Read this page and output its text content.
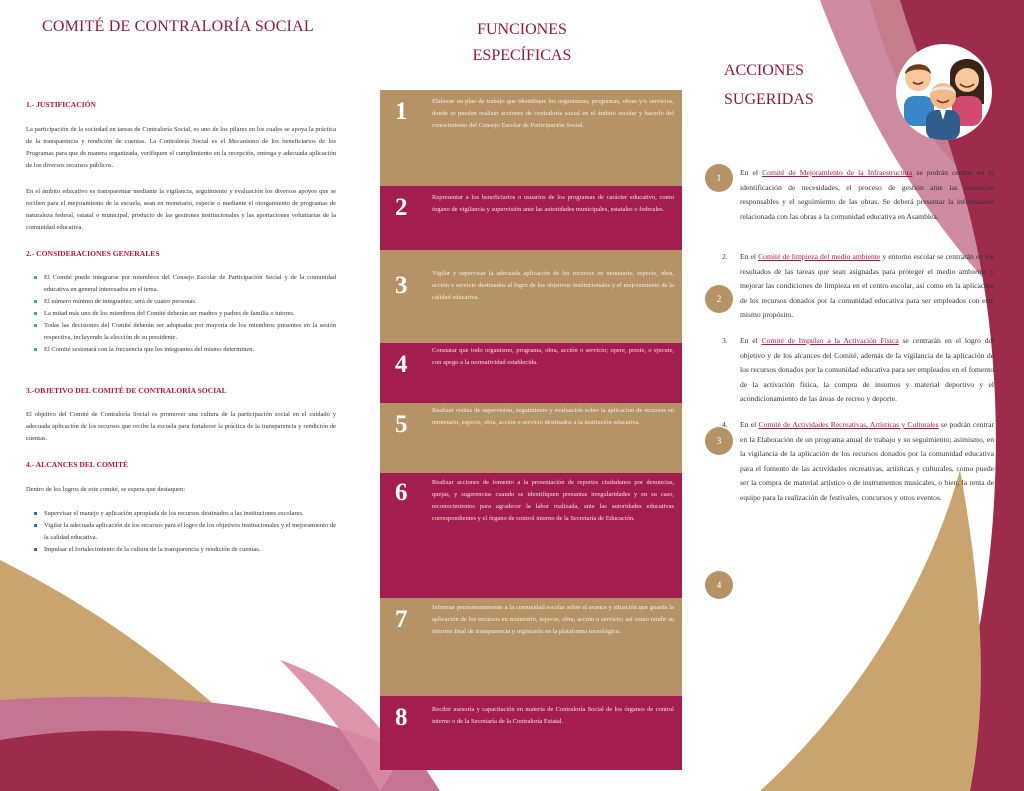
COMITÉ DE CONTRALORÍA SOCIAL
1.- JUSTIFICACIÓN

La participación de la sociedad en tareas de Contraloría Social, es uno de los pilares en los cuales se apoya la práctica de la transparencia y rendición de cuentas. La Contraloría Social es el Mecanismo de los beneficiarios de los Programas para que de manera organizada, verifiquen el cumplimiento en la recepción, entrega y adecuada aplicación de los diversos recursos públicos.

En el ámbito educativo es transparentar mediante la vigilancia, seguimiento y evaluación los diversos apoyos que se reciben para el mejoramiento de la escuela, sean en monetario, especie o mediante el otorgamiento de programas de naturaleza federal, estatal o municipal, producto de las gestiones institucionales y las aportaciones voluntarias de la comunidad educativa.

2.- CONSIDERACIONES GENERALES
El Comité puede integrarse por miembros del Consejo Escolar de Participación Social y de la comunidad educativa en general interesados en el tema.
El número mínimo de integrantes; será de cuatro personas.
La mitad más uno de los miembros del Comité deberán ser madres y padres de familia o tutores.
Todas las decisiones del Comité deberán ser adoptadas por mayoría de los miembros presentes en la sesión respectiva, incluyendo la elección de su presidente.
El Comité sesionará con la frecuencia que los integrantes del mismo determinen.
3.-OBJETIVO DEL COMITÉ DE CONTRALORÍA SOCIAL

El objetivo del Comité de Contraloría Social es promover una cultura de la participación social en el cuidado y adecuada aplicación de los recursos que recibe la escuela para fortalecer la práctica de la transparencia y rendición de cuentas.

4.- ALCANCES DEL COMITÉ

Dentro de los logros de este comité, se espera que destaquen:

Supervisar el manejo y aplicación apropiada de los recursos destinados a las instituciones escolares.
Vigilar la adecuada aplicación de los recursos para el logro de los objetivos institucionales y el mejoramiento de la calidad educativa.
Impulsar el fortalecimiento de la cultura de la transparencia y rendición de cuentas.
FUNCIONES
ESPECÍFICAS
1	Elaborar un plan de trabajo que identifique los organismos, programas, obras y/o servicios, donde se puedan realizar acciones de contraloría social en el ámbito escolar y hacerlo del conocimiento del Consejo Escolar de Participación Social.

2	Representar a los beneficiarios o usuarios de los programas de carácter educativo, como órgano de vigilancia y supervisión ante las autoridades municipales, estatales o federales.

3	Vigilar y supervisar la adecuada aplicación de los recursos en monetario, especie, obra, acción o servicio destinados al logro de los objetivos institucionales y el mejoramiento de la calidad educativa.

4

Constatar que todo organismo, programa, obra, acción o servicio; opere, preste, o ejecute, con apego a la normatividad establecida.

5

Realizar visitas de supervisión, seguimiento y evaluación sobre la aplicación de recursos en monetario, especie, obra, acción o servicio destinados a la institución educativa.

6	Realizar acciones de fomento a la presentación de reportes ciudadanos por denuncias, quejas, y sugerencias cuando se identifiquen presuntas irregularidades y en su caso, reconocimientos para agradecer la labor realizada, ante las autoridades educativas correspondientes y el órgano de control interno de la Secretaría de Educación.

7	Informar permanentemente a la comunidad escolar sobre el avance y situación que guarda la aplicación de los recursos en monetario, especie, obra, acción o servicio; así como rendir su informe final de transparencia y registrarlo en la plataforma tecnológica.

8	Recibir asesoría y capacitación en materia de Contraloría Social de los órganos de control interno o de la Secretaría de la Contraloría Estatal.

ACCIONES
SUGERIDAS
1
2
3
4

En el Comité de Mejoramiento de la Infraestructura se podrán centrar en la identificación de necesidades, el proceso de gestión ante las instancias responsables y el seguimiento de las obras. Se deberá presentar la información relacionada con las obras a la comunidad educativa en Asamblea.

2. En el Comité de limpieza del medio ambiente y entorno escolar se centrarán en los resultados de las tareas que sean asignadas para proteger el medio ambiente y mejorar las condiciones de limpieza en el centro escolar, así como en la aplicación de los recursos donados por la comunidad educativa para ser empleados con este mismo propósito.

3. En el Comité de Impulso a la Activación Física se centrarán en el logro del objetivo y de los alcances del Comité, además de la vigilancia de la aplicación de los recursos donados por la comunidad educativa para ser empleados en el fomento de la activación física, la compra de insumos y material deportivo y el acondicionamiento de las áreas de recreo y deporte.

4. En el Comité de Actividades Recreativas, Artísticas y Culturales se podrán centrar en la Elaboración de un programa anual de trabajo y su seguimiento; asimismo, en la vigilancia de la aplicación de los recursos donados por la comunidad educativa para el fomento de las actividades recreativas, artísticas y culturales, como puede ser la compra de material artístico o de instrumentos musicales, o bien, la renta de equipo para la realización de festivales, concursos y otros eventos.
